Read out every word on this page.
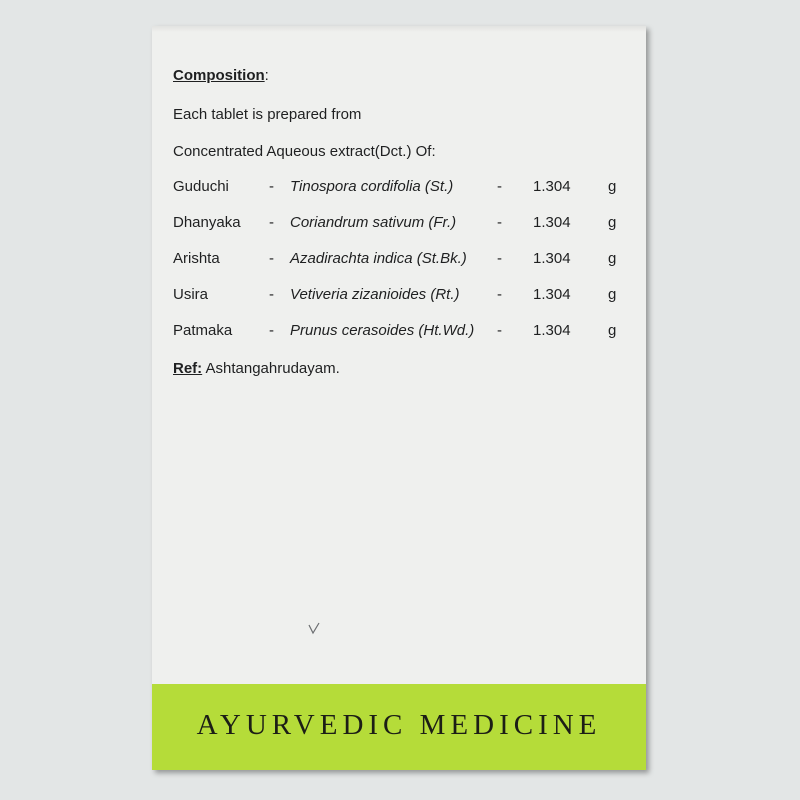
Composition:
Each tablet is prepared from
Concentrated Aqueous extract(Dct.) Of:
Guduchi	- Tinospora cordifolia (St.)	- 1.304 g
Dhanyaka - Coriandrum sativum (Fr.)	- 1.304 g
Arishta	- Azadirachta indica (St.Bk.) - 1.304 g
Usira	- Vetiveria zizanioides (Rt.) - 1.304 g
Patmaka - Prunus cerasoides (Ht.Wd.) - 1.304 g
Ref: Ashtangahrudayam.
AYURVEDIC MEDICINE
